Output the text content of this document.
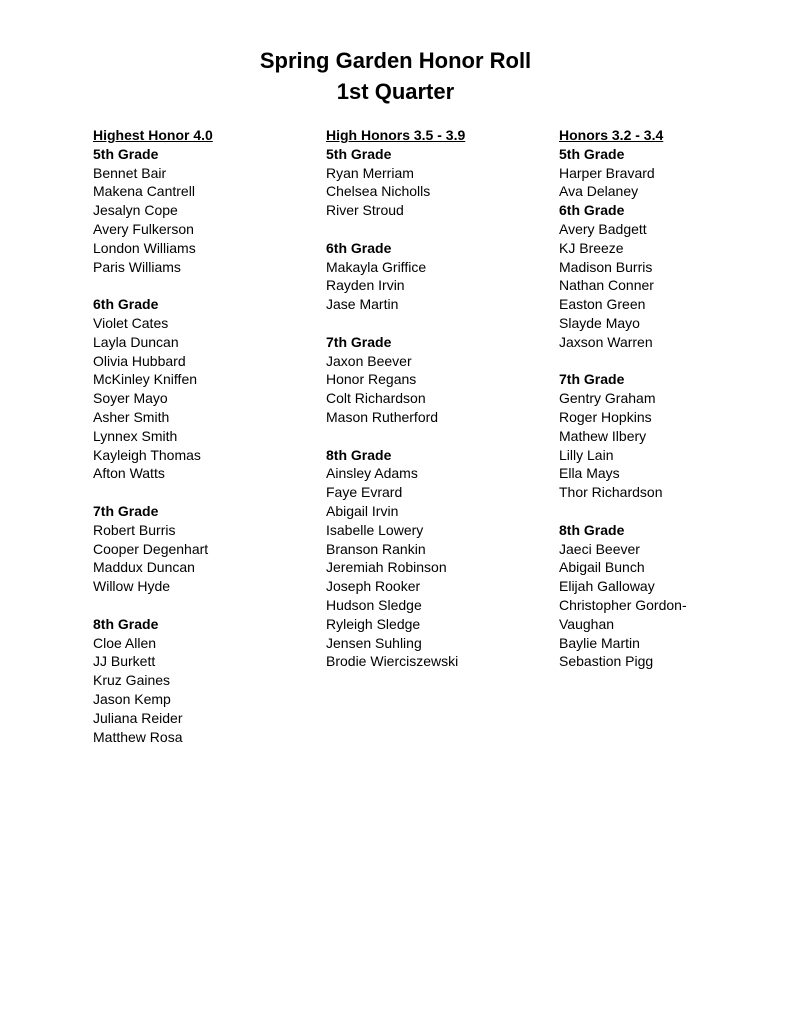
Spring Garden Honor Roll
1st Quarter
Highest Honor 4.0
5th Grade
Bennet Bair
Makena Cantrell
Jesalyn Cope
Avery Fulkerson
London Williams
Paris Williams
6th Grade
Violet Cates
Layla Duncan
Olivia Hubbard
McKinley Kniffen
Soyer Mayo
Asher Smith
Lynnex Smith
Kayleigh Thomas
Afton Watts
7th Grade
Robert Burris
Cooper Degenhart
Maddux Duncan
Willow Hyde
8th Grade
Cloe Allen
JJ Burkett
Kruz Gaines
Jason Kemp
Juliana Reider
Matthew Rosa
High Honors 3.5 - 3.9
5th Grade
Ryan Merriam
Chelsea Nicholls
River Stroud
6th Grade
Makayla Griffice
Rayden Irvin
Jase Martin
7th Grade
Jaxon Beever
Honor Regans
Colt Richardson
Mason Rutherford
8th Grade
Ainsley Adams
Faye Evrard
Abigail Irvin
Isabelle Lowery
Branson Rankin
Jeremiah Robinson
Joseph Rooker
Hudson Sledge
Ryleigh Sledge
Jensen Suhling
Brodie Wierciszewski
Honors 3.2 - 3.4
5th Grade
Harper Bravard
Ava Delaney
6th Grade
Avery Badgett
KJ Breeze
Madison Burris
Nathan Conner
Easton Green
Slayde Mayo
Jaxson Warren
7th Grade
Gentry Graham
Roger Hopkins
Mathew Ilbery
Lilly Lain
Ella Mays
Thor Richardson
8th Grade
Jaeci Beever
Abigail Bunch
Elijah Galloway
Christopher Gordon-Vaughan
Baylie Martin
Sebastion Pigg
